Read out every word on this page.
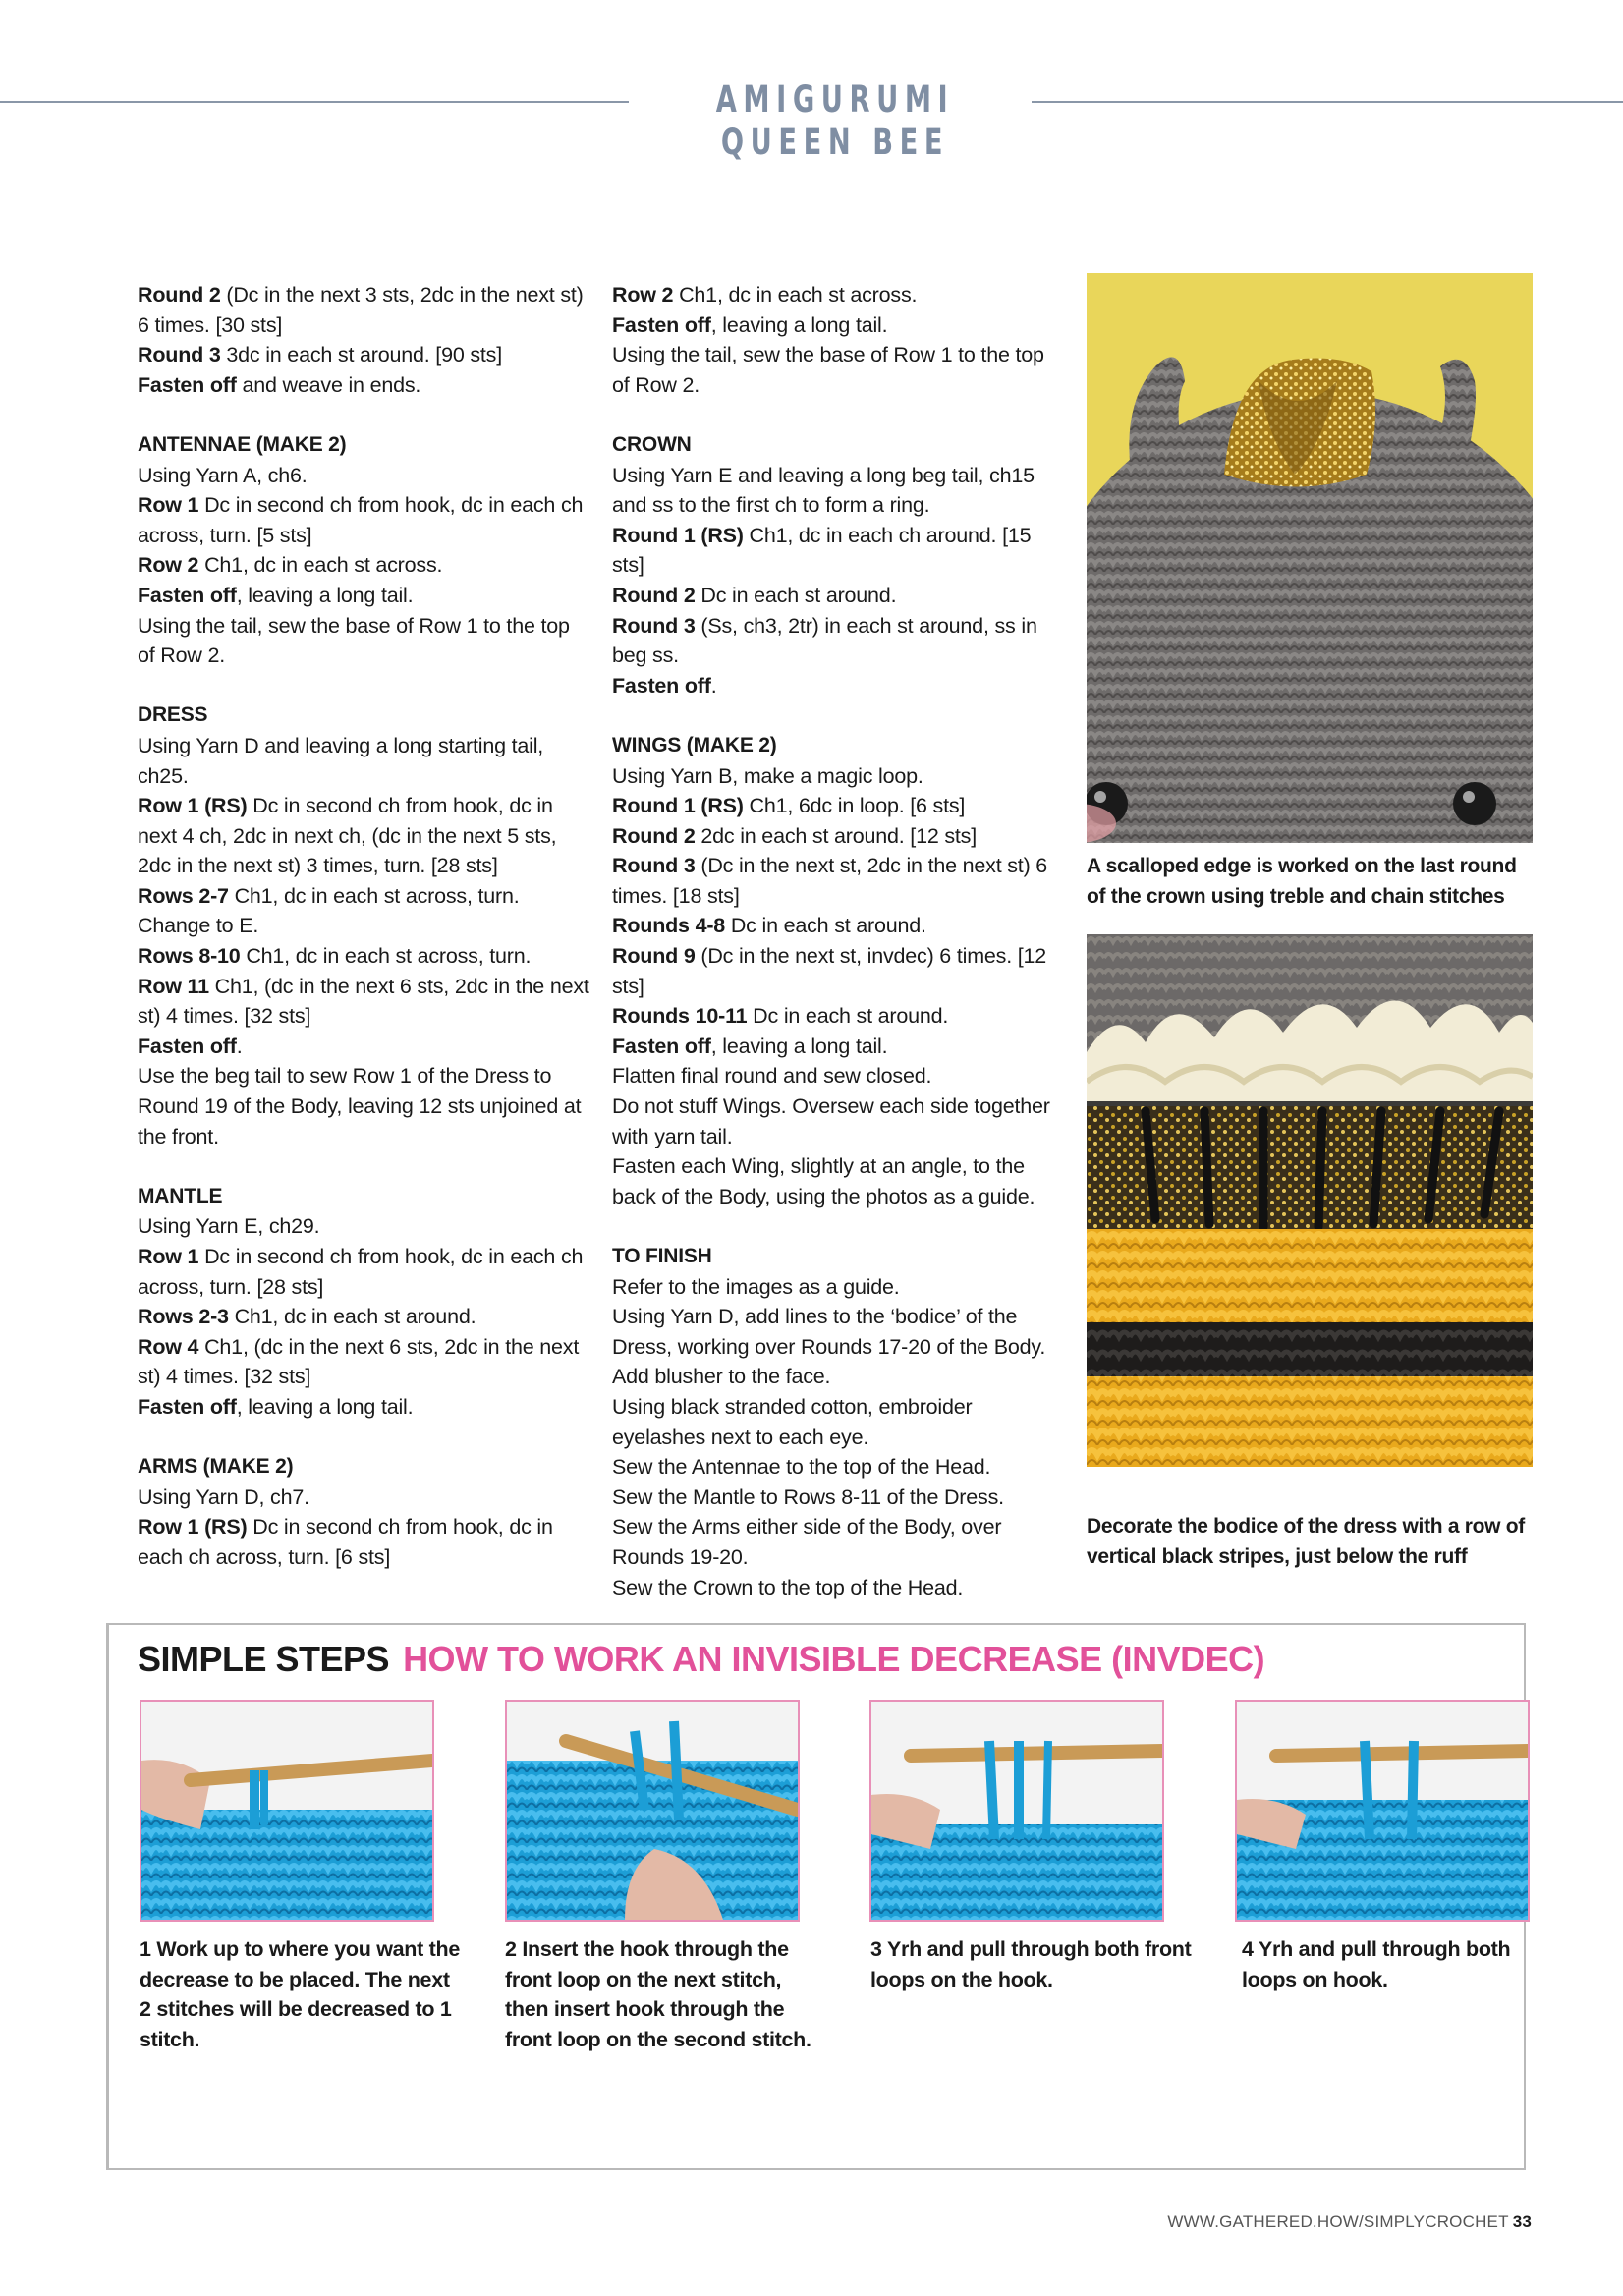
AMIGURUMI QUEEN BEE

Round 2 (Dc in the next 3 sts, 2dc in the next st) 6 times. [30 sts]

Round 3 3dc in each st around. [90 sts]

Fasten off and weave in ends.

ANTENNAE (MAKE 2)

Using Yarn A, ch6.

Row 1 Dc in second ch from hook, dc in each ch across, turn. [5 sts]

Row 2 Ch1, dc in each st across.

Fasten off, leaving a long tail.

Using the tail, sew the base of Row 1 to the top of Row 2.

DRESS

Using Yarn D and leaving a long starting tail, ch25.

Row 1 (RS) Dc in second ch from hook, dc in next 4 ch, 2dc in next ch, (dc in the next 5 sts, 2dc in the next st) 3 times, turn. [28 sts]

Rows 2-7 Ch1, dc in each st across, turn. Change to E.

Rows 8-10 Ch1, dc in each st across, turn.

Row 11 Ch1, (dc in the next 6 sts, 2dc in the next st) 4 times. [32 sts]

Fasten off.

Use the beg tail to sew Row 1 of the Dress to Round 19 of the Body, leaving 12 sts unjoined at the front.

MANTLE

Using Yarn E, ch29.

Row 1 Dc in second ch from hook, dc in each ch across, turn. [28 sts]

Rows 2-3 Ch1, dc in each st around.

Row 4 Ch1, (dc in the next 6 sts, 2dc in the next st) 4 times. [32 sts]

Fasten off, leaving a long tail.

ARMS (MAKE 2)

Using Yarn D, ch7.

Row 1 (RS) Dc in second ch from hook, dc in each ch across, turn. [6 sts]

Row 2 Ch1, dc in each st across.

Fasten off, leaving a long tail.

Using the tail, sew the base of Row 1 to the top of Row 2.

CROWN

Using Yarn E and leaving a long beg tail, ch15 and ss to the first ch to form a ring.

Round 1 (RS) Ch1, dc in each ch around. [15 sts]

Round 2 Dc in each st around.

Round 3 (Ss, ch3, 2tr) in each st around, ss in beg ss.

Fasten off.

WINGS (MAKE 2)

Using Yarn B, make a magic loop.

Round 1 (RS) Ch1, 6dc in loop. [6 sts]

Round 2 2dc in each st around. [12 sts]

Round 3 (Dc in the next st, 2dc in the next st) 6 times. [18 sts]

Rounds 4-8 Dc in each st around.

Round 9 (Dc in the next st, invdec) 6 times. [12 sts]

Rounds 10-11 Dc in each st around.

Fasten off, leaving a long tail.

Flatten final round and sew closed.

Do not stuff Wings. Oversew each side together with yarn tail.

Fasten each Wing, slightly at an angle, to the back of the Body, using the photos as a guide.

TO FINISH

Refer to the images as a guide.

Using Yarn D, add lines to the ‘bodice’ of the Dress, working over Rounds 17-20 of the Body.

Add blusher to the face.

Using black stranded cotton, embroider eyelashes next to each eye.

Sew the Antennae to the top of the Head.

Sew the Mantle to Rows 8-11 of the Dress.

Sew the Arms either side of the Body, over Rounds 19-20.

Sew the Crown to the top of the Head.

A scalloped edge is worked on the last round of the crown using treble and chain stitches
Decorate the bodice of the dress with a row of vertical black stripes, just below the ruff
SIMPLE STEPS HOW TO WORK AN INVISIBLE DECREASE (INVDEC)
1 Work up to where you want the decrease to be placed. The next 2 stitches will be decreased to 1 stitch.
2 Insert the hook through the front loop on the next stitch, then insert hook through the front loop on the second stitch.
3 Yrh and pull through both front loops on the hook.
4 Yrh and pull through both loops on hook.
WWW.GATHERED.HOW/SIMPLYCROCHET 33
